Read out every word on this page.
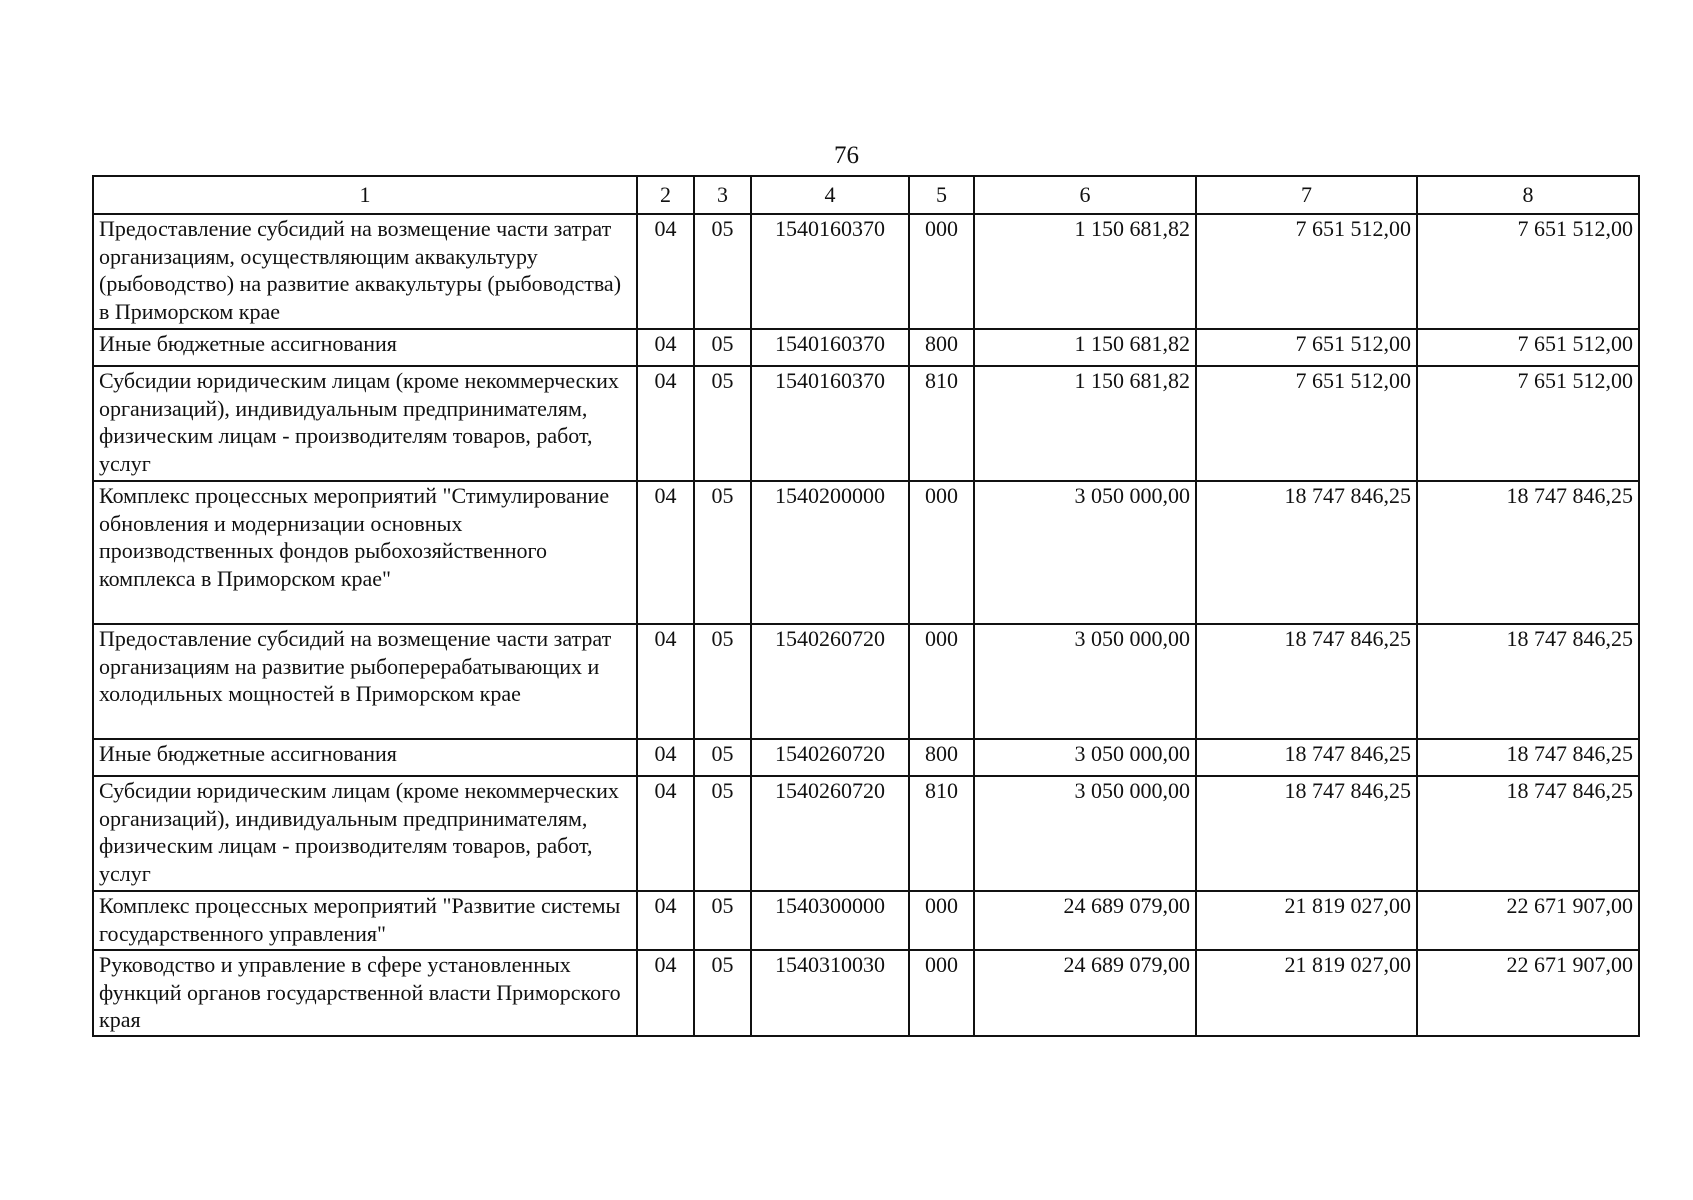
76
1	2	3	4	5	6	7	8
Предоставление субсидий на возмещение части затрат организациям, осуществляющим аквакультуру (рыбоводство) на развитие аквакультуры (рыбоводства) в Приморском крае	04	05	1540160370	000	1 150 681,82	7 651 512,00	7 651 512,00
Иные бюджетные ассигнования	04	05	1540160370	800	1 150 681,82	7 651 512,00	7 651 512,00
Субсидии юридическим лицам (кроме некоммерческих организаций), индивидуальным предпринимателям, физическим лицам - производителям товаров, работ, услуг	04	05	1540160370	810	1 150 681,82	7 651 512,00	7 651 512,00
Комплекс процессных мероприятий "Стимулирование обновления и модернизации основных производственных фондов рыбохозяйственного комплекса в Приморском крае"	04	05	1540200000	000	3 050 000,00	18 747 846,25	18 747 846,25
Предоставление субсидий на возмещение части затрат организациям на развитие рыбоперерабатывающих и холодильных мощностей в Приморском крае	04	05	1540260720	000	3 050 000,00	18 747 846,25	18 747 846,25
Иные бюджетные ассигнования	04	05	1540260720	800	3 050 000,00	18 747 846,25	18 747 846,25
Субсидии юридическим лицам (кроме некоммерческих организаций), индивидуальным предпринимателям, физическим лицам - производителям товаров, работ, услуг	04	05	1540260720	810	3 050 000,00	18 747 846,25	18 747 846,25
Комплекс процессных мероприятий "Развитие системы государственного управления"	04	05	1540300000	000	24 689 079,00	21 819 027,00	22 671 907,00
Руководство и управление в сфере установленных функций органов государственной власти Приморского края	04	05	1540310030	000	24 689 079,00	21 819 027,00	22 671 907,00
